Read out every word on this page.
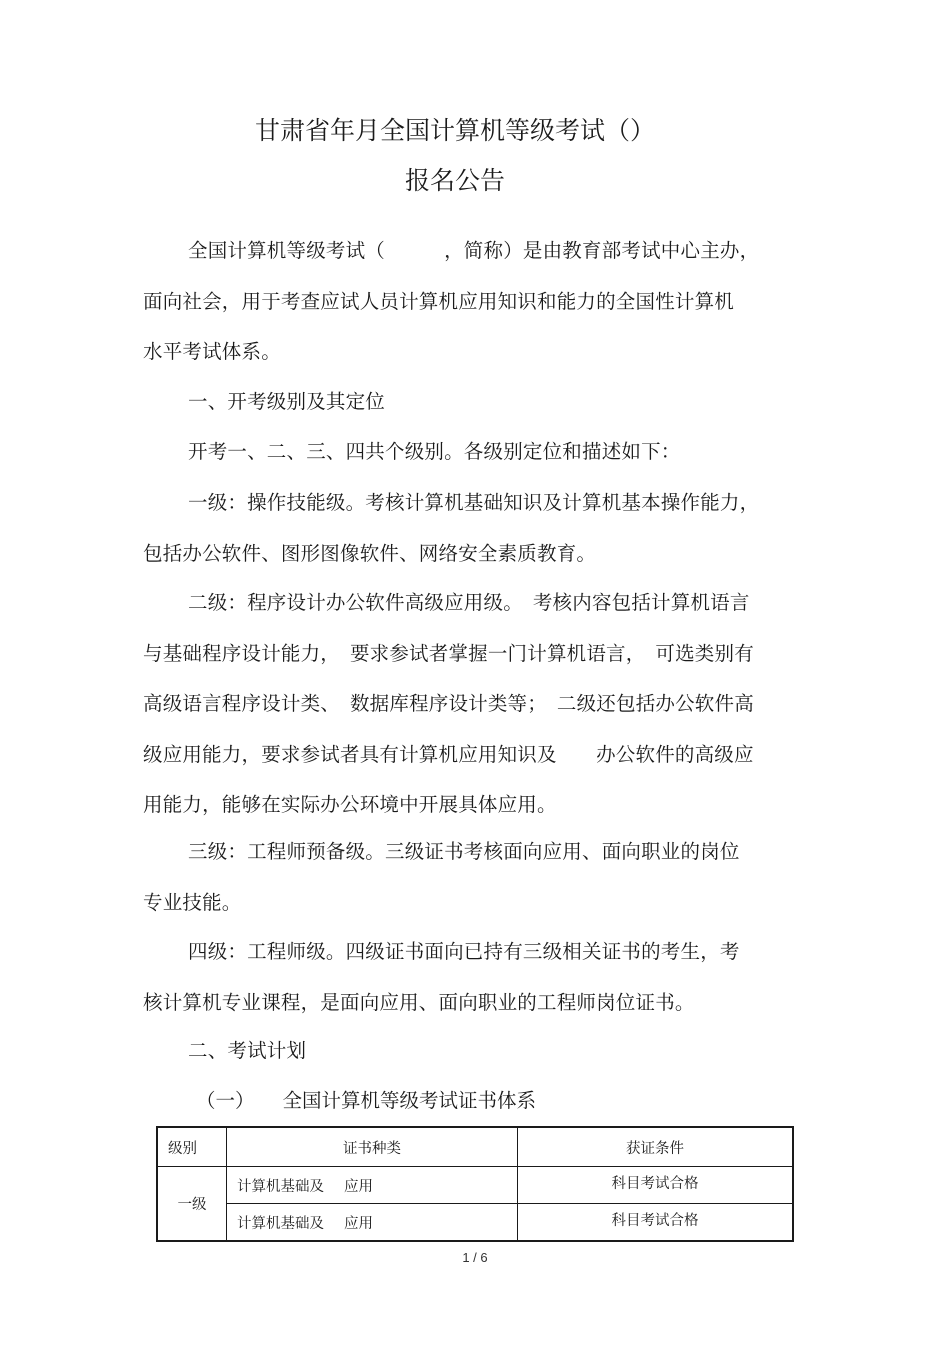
甘肃省年月全国计算机等级考试（）
报名公告
全国计算机等级考试（　　　，简称）是由教育部考试中心主办，
面向社会，用于考查应试人员计算机应用知识和能力的全国性计算机
水平考试体系。
一、开考级别及其定位
开考一、二、三、四共个级别。各级别定位和描述如下：
一级：操作技能级。考核计算机基础知识及计算机基本操作能力，
包括办公软件、图形图像软件、网络安全素质教育。
二级：程序设计办公软件高级应用级。　考核内容包括计算机语言
与基础程序设计能力，　要求参试者掌握一门计算机语言，　可选类别有
高级语言程序设计类、　数据库程序设计类等；　二级还包括办公软件高
级应用能力，要求参试者具有计算机应用知识及　　办公软件的高级应
用能力，能够在实际办公环境中开展具体应用。
三级：工程师预备级。三级证书考核面向应用、面向职业的岗位
专业技能。
四级：工程师级。四级证书面向已持有三级相关证书的考生，考
核计算机专业课程，是面向应用、面向职业的工程师岗位证书。
二、考试计划
（一） 全国计算机等级考试证书体系
级别	证书种类	获证条件
一级	计算机基础及 应用	科目考试合格
	计算机基础及 应用	科目考试合格
1 / 6
